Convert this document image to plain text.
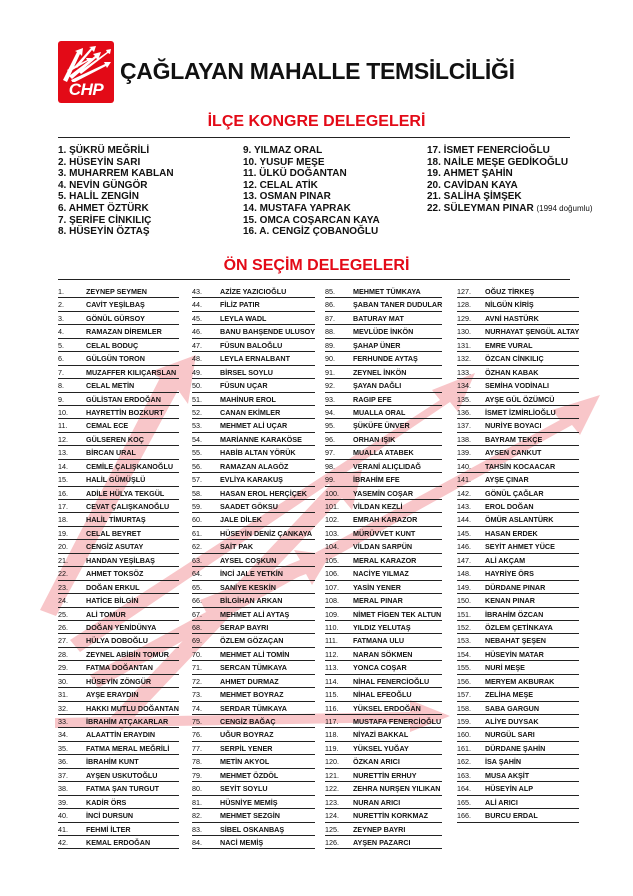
CHP
ÇAĞLAYAN MAHALLE TEMSİLCİLİĞİ
İLÇE KONGRE DELEGELERİ
1. ŞÜKRÜ MEĞRİLİ
2. HÜSEYİN SARI
3. MUHARREM KABLAN
4. NEVİN GÜNGÖR
5. HALİL ZENGİN
6. AHMET ÖZTÜRK
7. ŞERİFE CİNKILIÇ
8. HÜSEYİN ÖZTAŞ
9. YILMAZ ORAL
10. YUSUF MEŞE
11. ÜLKÜ DOĞANTAN
12. CELAL ATİK
13. OSMAN PINAR
14. MUSTAFA YAPRAK
15. OMCA COŞARCAN KAYA
16. A. CENGİZ ÇOBANOĞLU
17. İSMET FENERCİOĞLU
18. NAİLE MEŞE GEDİKOĞLU
19. AHMET ŞAHİN
20. CAVİDAN KAYA
21. SALİHA ŞİMŞEK
22. SÜLEYMAN PINAR (1994 doğumlu)
ÖN SEÇİM DELEGELERİ
1.	ZEYNEP SEYMEN
2.	CAVİT YEŞİLBAŞ
3.	GÖNÜL GÜRSOY
4.	RAMAZAN DİREMLER
5.	CELAL BODUÇ
6.	GÜLGÜN TORON
7.	MUZAFFER KILIÇARSLAN
8.	CELAL METİN
9.	GÜLİSTAN ERDOĞAN
10.	HAYRETTİN BOZKURT
11.	CEMAL ECE
12.	GÜLSEREN KOÇ
13.	BİRCAN URAL
14.	CEMİLE ÇALIŞKANOĞLU
15.	HALİL GÜMÜŞLÜ
16.	ADİLE HÜLYA TEKGÜL
17.	CEVAT ÇALIŞKANOĞLU
18.	HALİL TİMURTAŞ
19.	CELAL BEYRET
20.	CENGİZ ASUTAY
21.	HANDAN YEŞİLBAŞ
22.	AHMET TOKSÖZ
23.	DOĞAN ERKUL
24.	HATİCE BİLGİN
25.	ALİ TOMUR
26.	DOĞAN YENİDÜNYA
27.	HÜLYA DOBOĞLU
28.	ZEYNEL ABİBİN TOMUR
29.	FATMA DOĞANTAN
30.	HÜSEYİN ZÖNGÜR
31.	AYŞE ERAYDIN
32.	HAKKI MUTLU DOĞANTAN
33.	İBRAHİM ATÇAKARLAR
34.	ALAATTİN ERAYDIN
35.	FATMA MERAL MEĞRİLİ
36.	İBRAHİM KUNT
37.	AYŞEN USKUTOĞLU
38.	FATMA ŞAN TURGUT
39.	KADİR ÖRS
40.	İNCİ DURSUN
41.	FEHMİ İLTER
42.	KEMAL ERDOĞAN
43.	AZİZE YAZICIOĞLU
44.	FİLİZ PATIR
45.	LEYLA WADL
46.	BANU BAHŞENDE ULUSOY
47.	FÜSUN BALOĞLU
48.	LEYLA ERNALBANT
49.	BİRSEL SOYLU
50.	FÜSUN UÇAR
51.	MAHİNUR EROL
52.	CANAN EKİMLER
53.	MEHMET ALİ UÇAR
54.	MARİANNE KARAKÖSE
55.	HABİB ALTAN YÖRÜK
56.	RAMAZAN ALAGÖZ
57.	EVLİYA KARAKUŞ
58.	HASAN EROL HERÇİÇEK
59.	SAADET GÖKSU
60.	JALE DİLEK
61.	HÜSEYİN DENİZ ÇANKAYA
62.	SAİT PAK
63.	AYSEL COŞKUN
64.	İNCİ JALE YETKİN
65.	SANİYE KESKİN
66.	BİLGİHAN ARKAN
67.	MEHMET ALİ AYTAŞ
68.	SERAP BAYRI
69.	ÖZLEM GÖZAÇAN
70.	MEHMET ALİ TOMİN
71.	SERCAN TÜMKAYA
72.	AHMET DURMAZ
73.	MEHMET BOYRAZ
74.	SERDAR TÜMKAYA
75.	CENGİZ BAĞAÇ
76.	UĞUR BOYRAZ
77.	SERPİL YENER
78.	METİN AKYOL
79.	MEHMET ÖZDÖL
80.	SEYİT SOYLU
81.	HÜSNİYE MEMİŞ
82.	MEHMET SEZGİN
83.	SİBEL OSKANBAŞ
84.	NACİ MEMİŞ
85.	MEHMET TÜMKAYA
86.	ŞABAN TANER DUDULAR
87.	BATURAY MAT
88.	MEVLÜDE İNKÖN
89.	ŞAHAP ÜNER
90.	FERHUNDE AYTAŞ
91.	ZEYNEL İNKÖN
92.	ŞAYAN DAĞLI
93.	RAGIP EFE
94.	MUALLA ORAL
95.	ŞÜKÜFE ÜNVER
96.	ORHAN IŞIK
97.	MUALLA ATABEK
98.	VERANİ ALIÇLIDAĞ
99.	İBRAHİM EFE
100.	YASEMİN COŞAR
101.	VİLDAN KEZLİ
102.	EMRAH KARAZOR
103.	MÜRÜVVET KUNT
104.	VİLDAN SARPÜN
105.	MERAL KARAZOR
106.	NACİYE YILMAZ
107.	YASİN YENER
108.	MERAL PINAR
109.	NİMET FİGEN TEK ALTUN
110.	YILDIZ YELUTAŞ
111.	FATMANA ULU
112.	NARAN SÖKMEN
113.	YONCA COŞAR
114.	NİHAL FENERCİOĞLU
115.	NİHAL EFEOĞLU
116.	YÜKSEL ERDOĞAN
117.	MUSTAFA FENERCİOĞLU
118.	NİYAZİ BAKKAL
119.	YÜKSEL YUĞAY
120.	ÖZKAN ARICI
121.	NURETTİN ERHUY
122.	ZEHRA NURŞEN YILIKAN
123.	NURAN ARICI
124.	NURETTİN KORKMAZ
125.	ZEYNEP BAYRI
126.	AYŞEN PAZARCI
127.	OĞUZ TİRKEŞ
128.	NİLGÜN KİRİŞ
129.	AVNİ HASTÜRK
130.	NURHAYAT ŞENGÜL ALTAY
131.	EMRE VURAL
132.	ÖZCAN CİNKILIÇ
133.	ÖZHAN KABAK
134.	SEMİHA VODİNALI
135.	AYŞE GÜL ÖZÜMCÜ
136.	İSMET İZMİRLİOĞLU
137.	NURİYE BOYACI
138.	BAYRAM TEKÇE
139.	AYSEN CANKUT
140.	TAHSİN KOCAACAR
141.	AYŞE ÇINAR
142.	GÖNÜL ÇAĞLAR
143.	EROL DOĞAN
144.	ÖMÜR ASLANTÜRK
145.	HASAN ERDEK
146.	SEYİT AHMET YÜCE
147.	ALİ AKÇAM
148.	HAYRİYE ÖRS
149.	DÜRDANE PINAR
150.	KENAN PINAR
151.	İBRAHİM ÖZCAN
152.	ÖZLEM ÇETİNKAYA
153.	NEBAHAT ŞEŞEN
154.	HÜSEYİN MATAR
155.	NURİ MEŞE
156.	MERYEM AKBURAK
157.	ZELİHA MEŞE
158.	SABA GARGUN
159.	ALİYE DUYSAK
160.	NURGÜL SARI
161.	DÜRDANE ŞAHİN
162.	İSA ŞAHİN
163.	MUSA AKŞİT
164.	HÜSEYİN ALP
165.	ALİ ARICI
166.	BURCU ERDAL
